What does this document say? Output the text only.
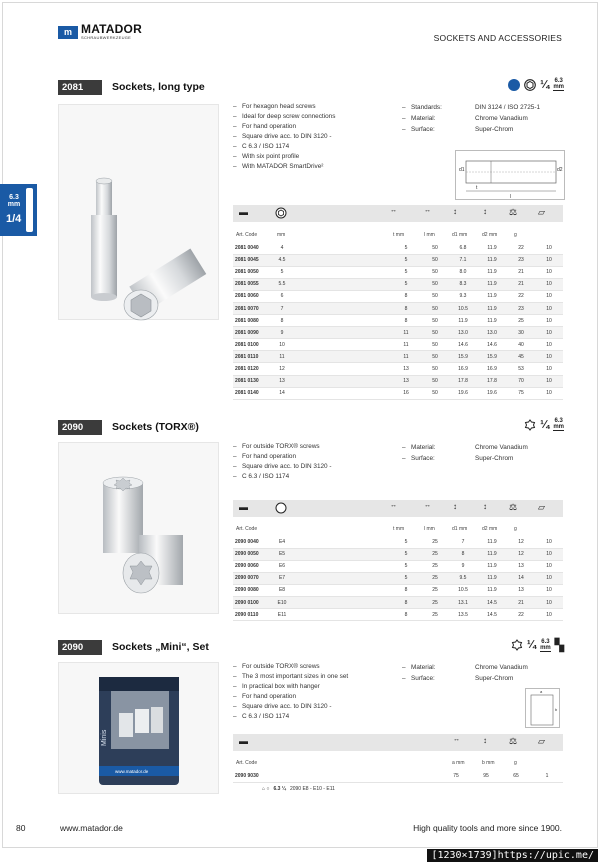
m MATADOR
SCHRAUBWERKZEUGE	SOCKETS AND ACCESSORIES
6.3 mm
1/4
2081	Sockets, long type	¼ 6.3
mm
– For hexagon head screws
– Ideal for deep screw connections
– For hand operation
– Square drive acc. to DIN 3120 -
– C 6.3 / ISO 1174
– With six point profile
– With MATADOR SmartDrive²
– Standards:	DIN 3124 / ISO 2725-1
– Material:	Chrome Vanadium
– Surface:	Super-Chrom
d1	d2
t
l
▬	↔	↔	↕	↕ ⚖ ▱
Art. Code	mm	t mm	l mm	d1 mm	d2 mm	g
2081 0040	4		5	50	6.8	11.9	22	10
2081 0045	4.5		5	50	7.1	11.9	23	10
2081 0050	5		5	50	8.0	11.9	21	10
2081 0055	5.5		5	50	8.3	11.9	21	10
2081 0060	6		8	50	9.3	11.9	22	10
2081 0070	7		8	50	10.5	11.9	23	10
2081 0080	8		8	50	11.9	11.9	25	10
2081 0090	9		11	50	13.0	13.0	30	10
2081 0100	10		11	50	14.6	14.6	40	10
2081 0110	11		11	50	15.9	15.9	45	10
2081 0120	12		13	50	16.9	16.9	53	10
2081 0130	13		13	50	17.8	17.8	70	10
2081 0140	14		16	50	19.6	19.6	75	10
2090	Sockets (TORX®)	¼ 6.3
mm
– For outside TORX® screws
– For hand operation
– Square drive acc. to DIN 3120 -
– C 6.3 / ISO 1174
– Material:	Chrome Vanadium
– Surface:	Super-Chrom
▬	↔	↔	↕	↕ ⚖ ▱
Art. Code	t mm	l mm	d1 mm	d2 mm	g
2090 0040	E4		5	25	7	11.9	12	10
2090 0050	E5		5	25	8	11.9	12	10
2090 0060	E6		5	25	9	11.9	13	10
2090 0070	E7		5	25	9.5	11.9	14	10
2090 0080	E8		8	25	10.5	11.9	13	10
2090 0100	E10		8	25	13.1	14.5	21	10
2090 0110	E11		8	25	13.5	14.5	22	10
2090	Sockets „Mini“, Set	¼ 6.3
mm ▚
Minis
www.matador.de
– For outside TORX® screws
– The 3 most important sizes in one set
– In practical box with hanger
– For hand operation
– Square drive acc. to DIN 3120 -
– C 6.3 / ISO 1174
– Material:	Chrome Vanadium
– Surface:	Super-Chrom
a
b
▬	↔	↕ ⚖ ▱
Art. Code	a mm	b mm	g
2090 9030		75	95	65	1
⌂ ○ 6.3 ¼ 2090 E8 - E10 - E11
80	www.matador.de	High quality tools and more since 1900.
[1230×1739]https://upic.me/
